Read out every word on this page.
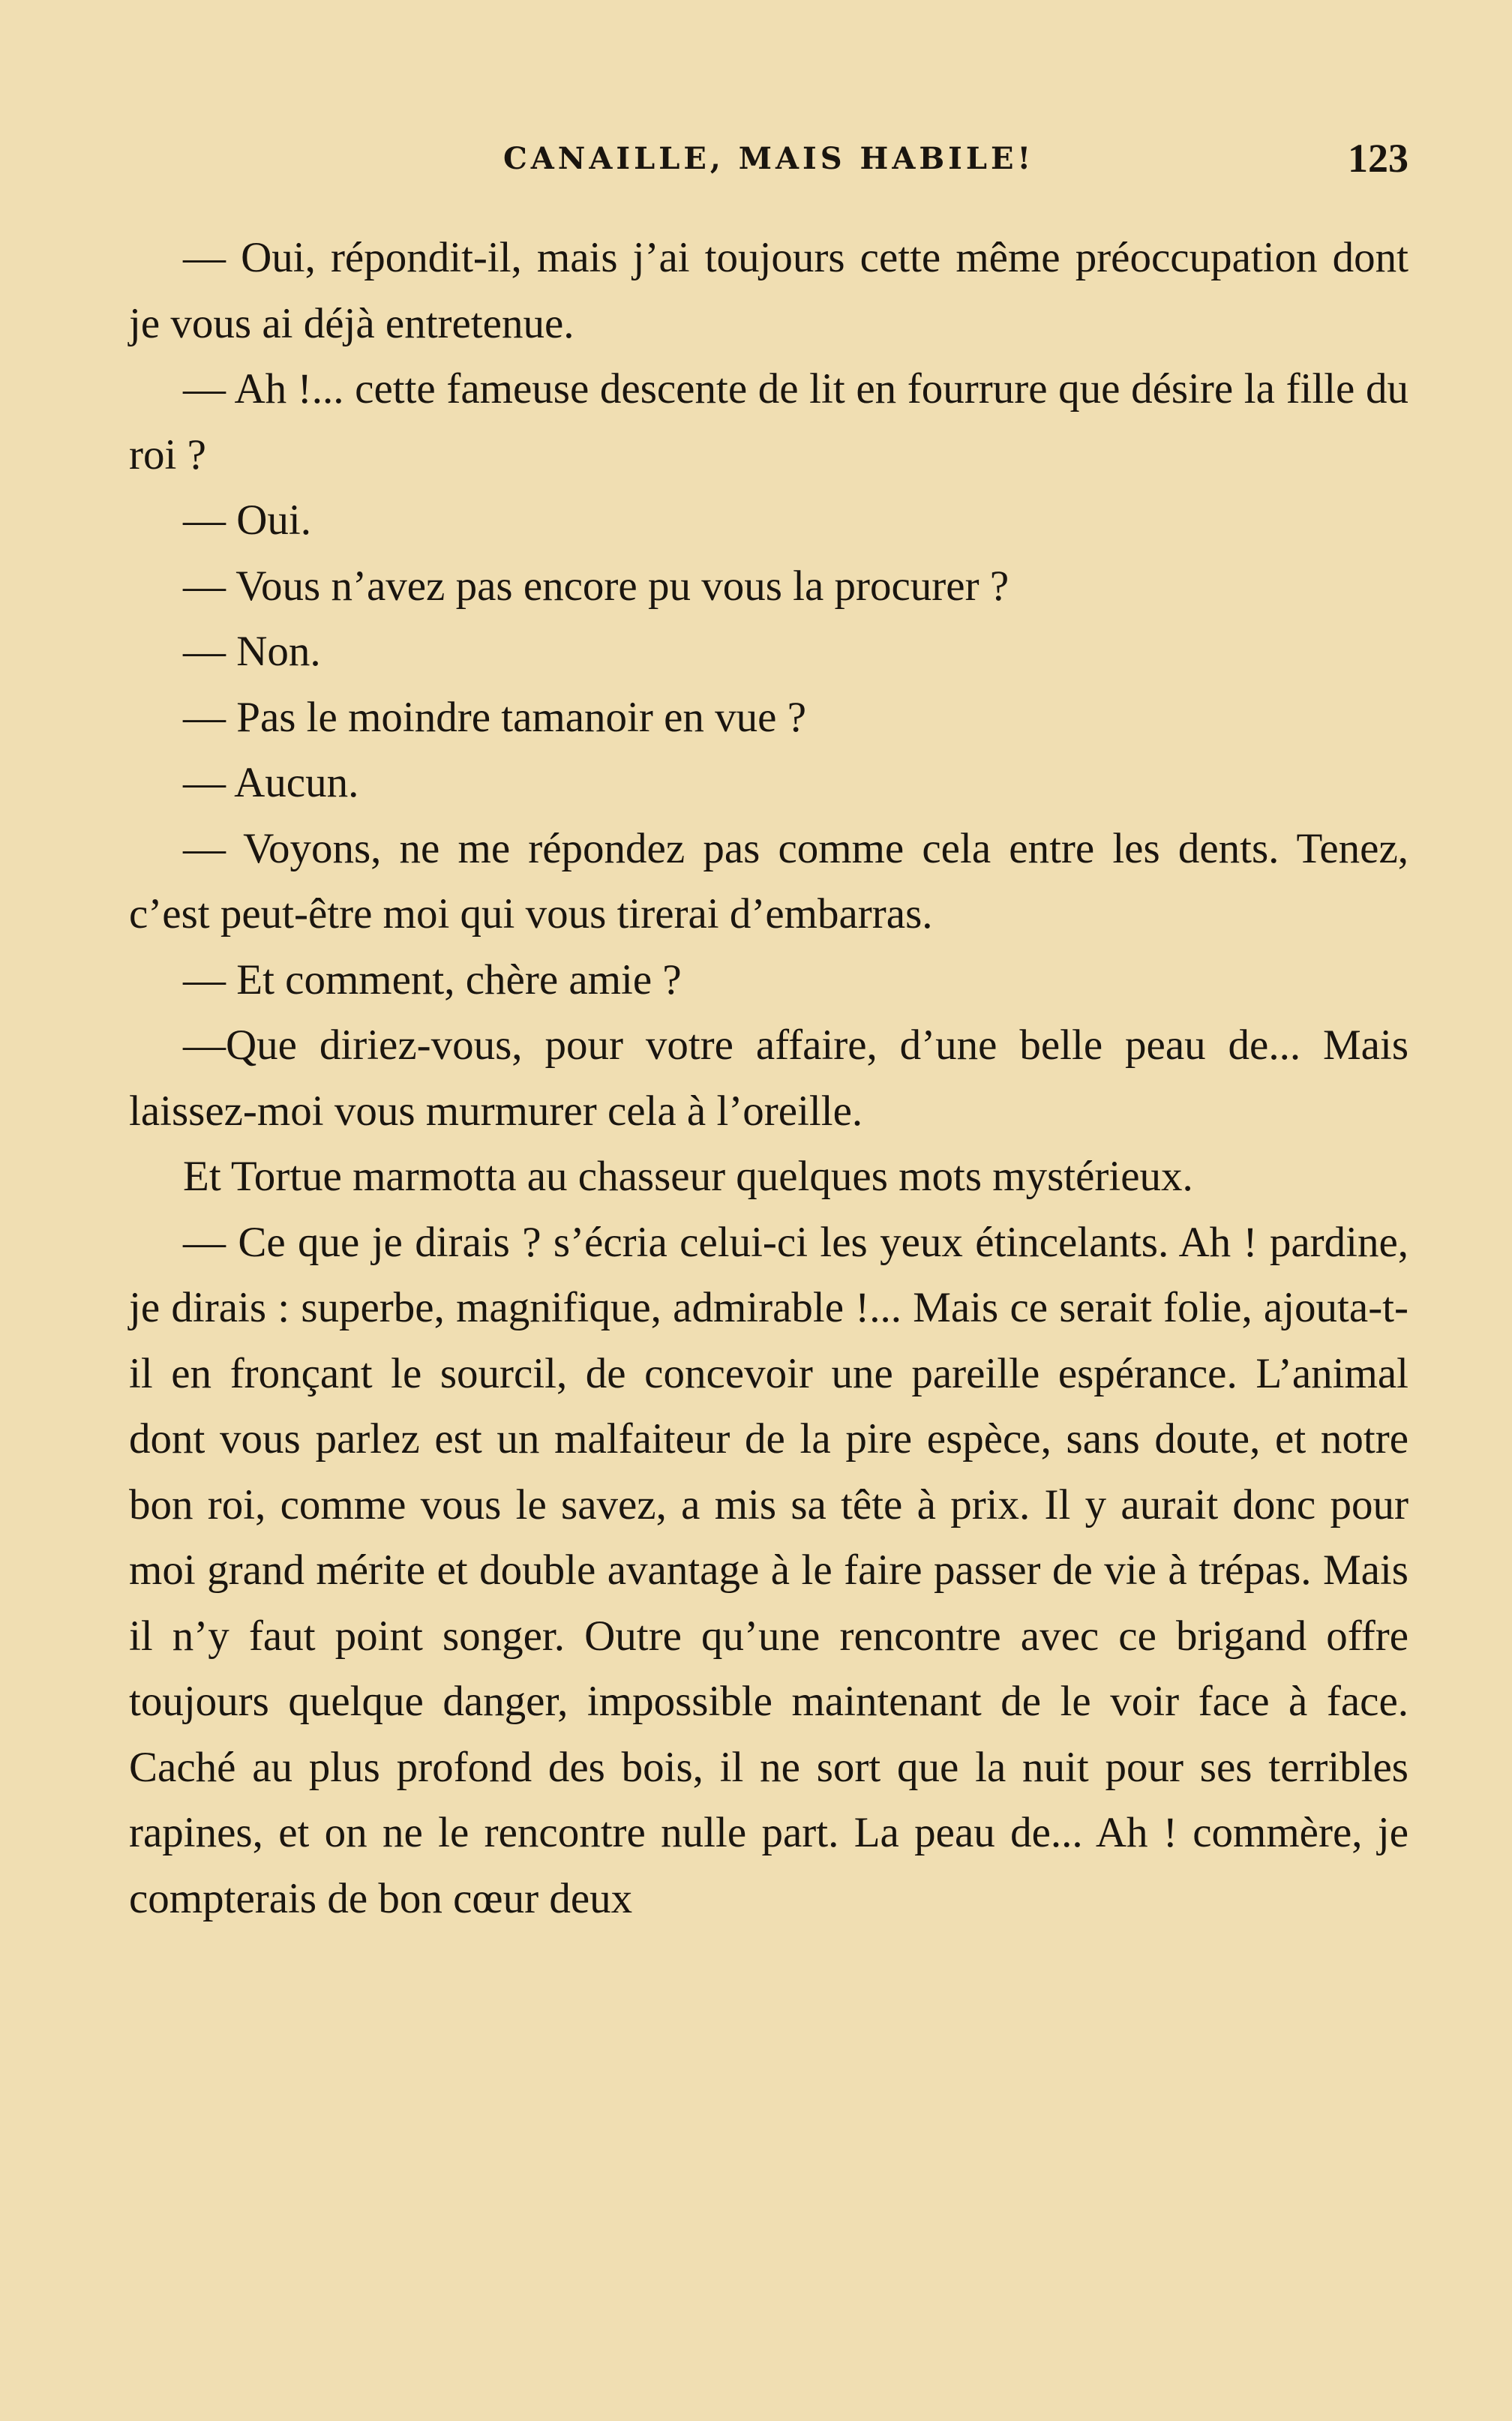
CANAILLE, MAIS HABILE!	123

— Oui, répondit-il, mais j’ai toujours cette même préoccupation dont je vous ai déjà entretenue.

— Ah !... cette fameuse descente de lit en fourrure que désire la fille du roi ?

— Oui.

— Vous n’avez pas encore pu vous la procurer ?

— Non.

— Pas le moindre tamanoir en vue ?

— Aucun.

— Voyons, ne me répondez pas comme cela entre les dents. Tenez, c’est peut-être moi qui vous tirerai d’embarras.

— Et comment, chère amie ?

—Que diriez-vous, pour votre affaire, d’une belle peau de... Mais laissez-moi vous murmurer cela à l’oreille.

Et Tortue marmotta au chasseur quelques mots mystérieux.

— Ce que je dirais ? s’écria celui-ci les yeux étincelants. Ah ! pardine, je dirais : superbe, magnifique, admirable !... Mais ce serait folie, ajouta-t-il en fronçant le sourcil, de concevoir une pareille espérance. L’animal dont vous parlez est un malfaiteur de la pire espèce, sans doute, et notre bon roi, comme vous le savez, a mis sa tête à prix. Il y aurait donc pour moi grand mérite et double avantage à le faire passer de vie à trépas. Mais il n’y faut point songer. Outre qu’une rencontre avec ce brigand offre toujours quelque danger, impossible maintenant de le voir face à face. Caché au plus profond des bois, il ne sort que la nuit pour ses terribles rapines, et on ne le rencontre nulle part. La peau de... Ah ! commère, je compterais de bon cœur deux
